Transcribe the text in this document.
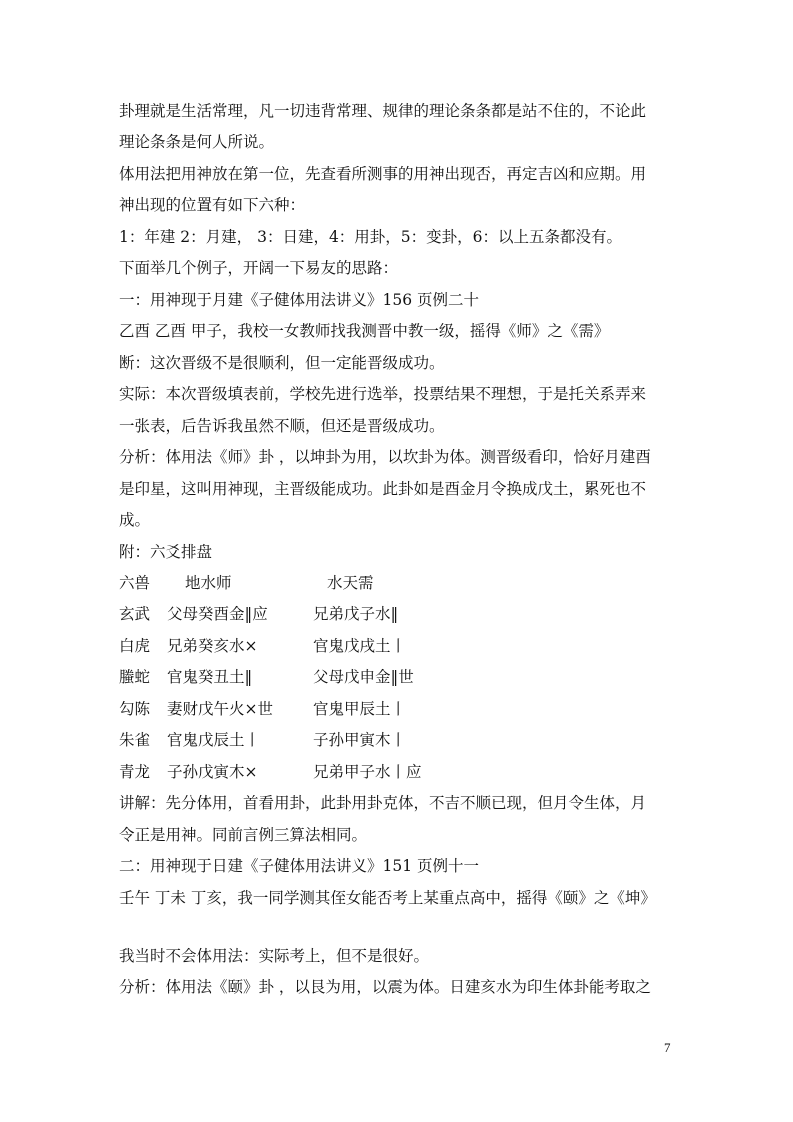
卦理就是生活常理，凡一切违背常理、规律的理论条条都是站不住的，不论此
理论条条是何人所说。
体用法把用神放在第一位，先查看所测事的用神出现否，再定吉凶和应期。用
神出现的位置有如下六种：
1：年建 2：月建， 3：日建，4：用卦，5：变卦，6：以上五条都没有。
下面举几个例子，开阔一下易友的思路：
一：用神现于月建《子健体用法讲义》156 页例二十
乙酉 乙酉 甲子，我校一女教师找我测晋中教一级，摇得《师》之《需》
断：这次晋级不是很顺利，但一定能晋级成功。
实际：本次晋级填表前，学校先进行选举，投票结果不理想，于是托关系弄来
一张表，后告诉我虽然不顺，但还是晋级成功。
分析：体用法《师》卦 ，以坤卦为用，以坎卦为体。测晋级看印，恰好月建酉
是印星，这叫用神现，主晋级能成功。此卦如是酉金月令换成戊土，累死也不
成。
附：六爻排盘
六兽 地水师	水天需
玄武 父母癸酉金‖应	兄弟戊子水‖
白虎 兄弟癸亥水×	官鬼戊戌土丨
螣蛇 官鬼癸丑土‖	父母戊申金‖世
勾陈 妻财戊午火×世	官鬼甲辰土丨
朱雀 官鬼戊辰土丨	子孙甲寅木丨
青龙 子孙戊寅木×	兄弟甲子水丨应
讲解：先分体用，首看用卦，此卦用卦克体，不吉不顺已现，但月令生体，月
令正是用神。同前言例三算法相同。
二：用神现于日建《子健体用法讲义》151 页例十一
壬午 丁未 丁亥，我一同学测其侄女能否考上某重点高中，摇得《颐》之《坤》
我当时不会体用法：实际考上，但不是很好。
分析：体用法《颐》卦 ，以艮为用，以震为体。日建亥水为印生体卦能考取之
7
